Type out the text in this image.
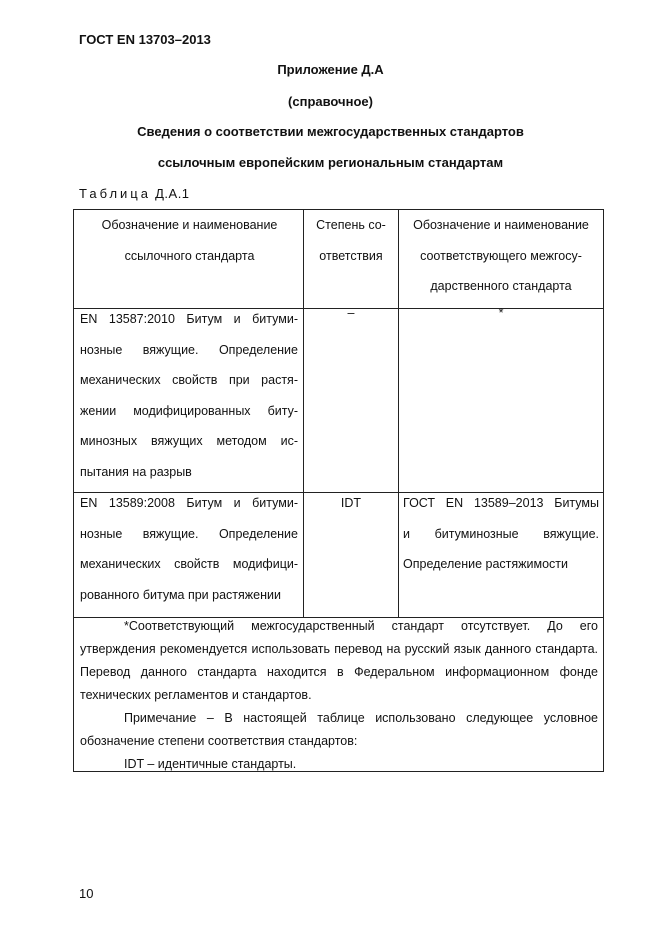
ГОСТ EN 13703–2013
Приложение Д.А
(справочное)
Сведения о соответствии межгосударственных стандартов
ссылочным европейским региональным стандартам
Таблица Д.А.1
Обозначение и наименование
ссылочного стандарта
Степень со-
ответствия
Обозначение и наименование
соответствующего межгосу-
дарственного стандарта
EN 13587:2010 Битум и битуми-
нозные вяжущие. Определение
механических свойств при растя-
жении модифицированных биту-
минозных вяжущих методом ис-
пытания на разрыв
–	*
EN 13589:2008 Битум и битуми-
нозные вяжущие. Определение
механических свойств модифици-
рованного битума при растяжении
IDT	ГОСТ EN 13589–2013 Битумы
и битуминозные вяжущие.
Определение растяжимости

*Соответствующий межгосударственный стандарт отсутствует. До его утверждения рекомендуется использовать перевод на русский язык данного стандарта. Перевод данного стандарта находится в Федеральном информационном фонде технических регламентов и стандартов.

Примечание – В настоящей таблице использовано следующее условное обозначение степени соответствия стандартов:

IDT – идентичные стандарты.

10
